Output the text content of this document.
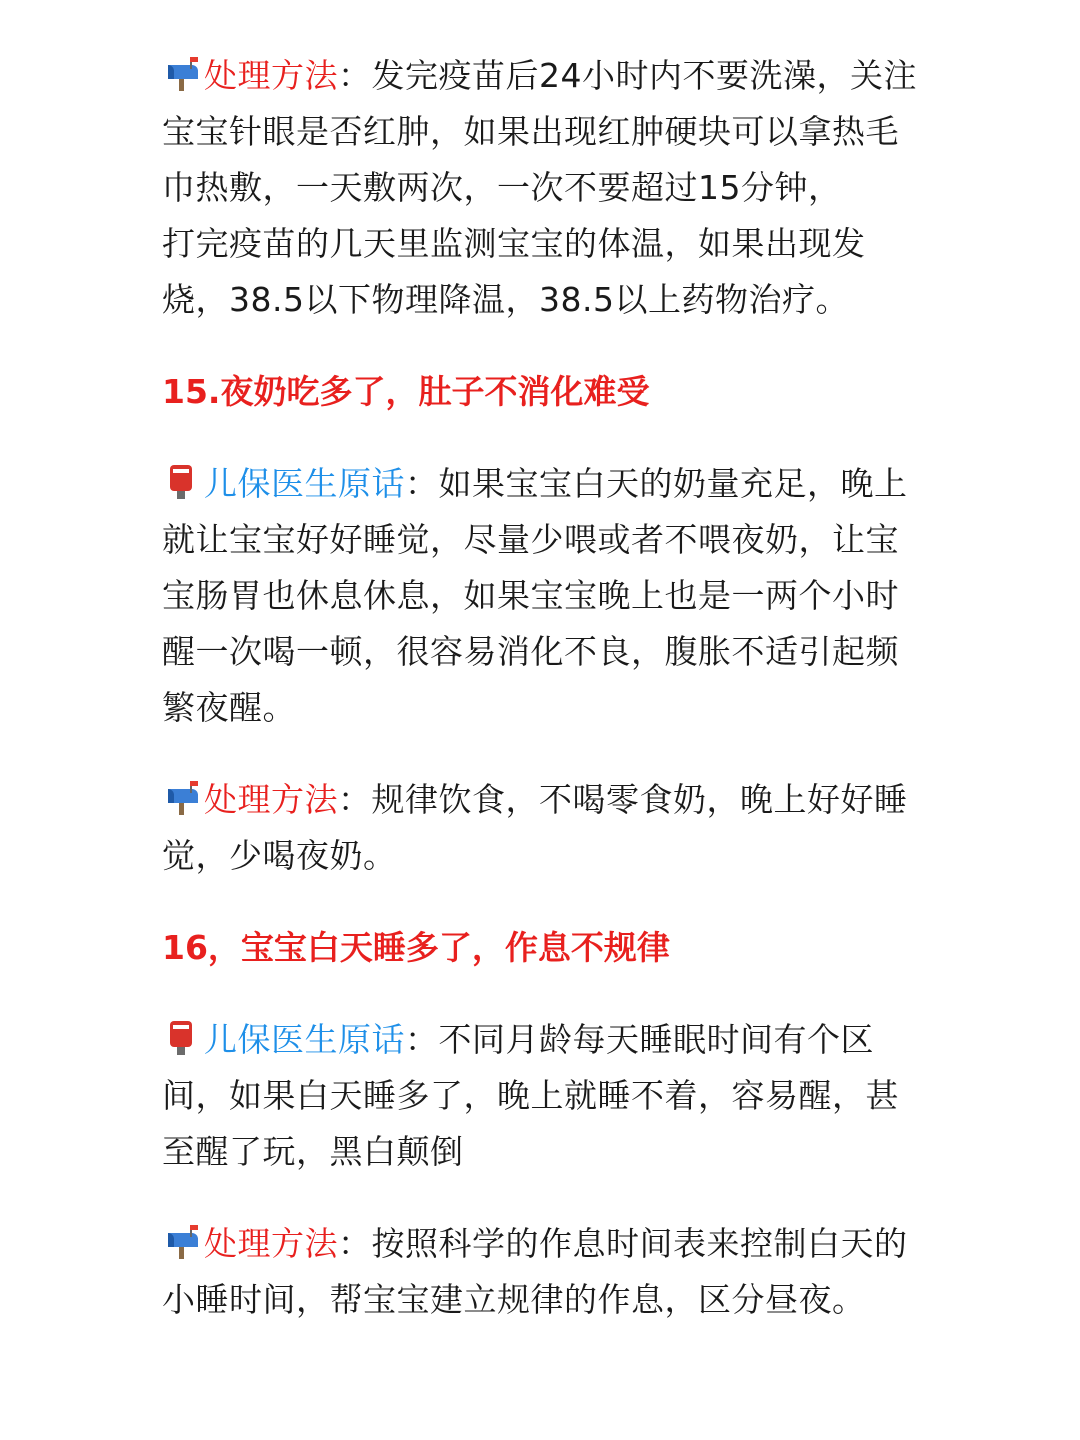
处理方法：发完疫苗后24小时内不要洗澡，关注宝宝针眼是否红肿，如果出现红肿硬块可以拿热毛巾热敷，一天敷两次，一次不要超过15分钟，

打完疫苗的几天里监测宝宝的体温，如果出现发烧，38.5以下物理降温，38.5以上药物治疗。

15.夜奶吃多了，肚子不消化难受

儿保医生原话：如果宝宝白天的奶量充足，晚上就让宝宝好好睡觉，尽量少喂或者不喂夜奶，让宝宝肠胃也休息休息，如果宝宝晚上也是一两个小时醒一次喝一顿，很容易消化不良，腹胀不适引起频繁夜醒。

处理方法：规律饮食，不喝零食奶，晚上好好睡觉，少喝夜奶。

16，宝宝白天睡多了，作息不规律

儿保医生原话：不同月龄每天睡眠时间有个区间，如果白天睡多了，晚上就睡不着，容易醒，甚至醒了玩，黑白颠倒

处理方法：按照科学的作息时间表来控制白天的小睡时间，帮宝宝建立规律的作息，区分昼夜。
